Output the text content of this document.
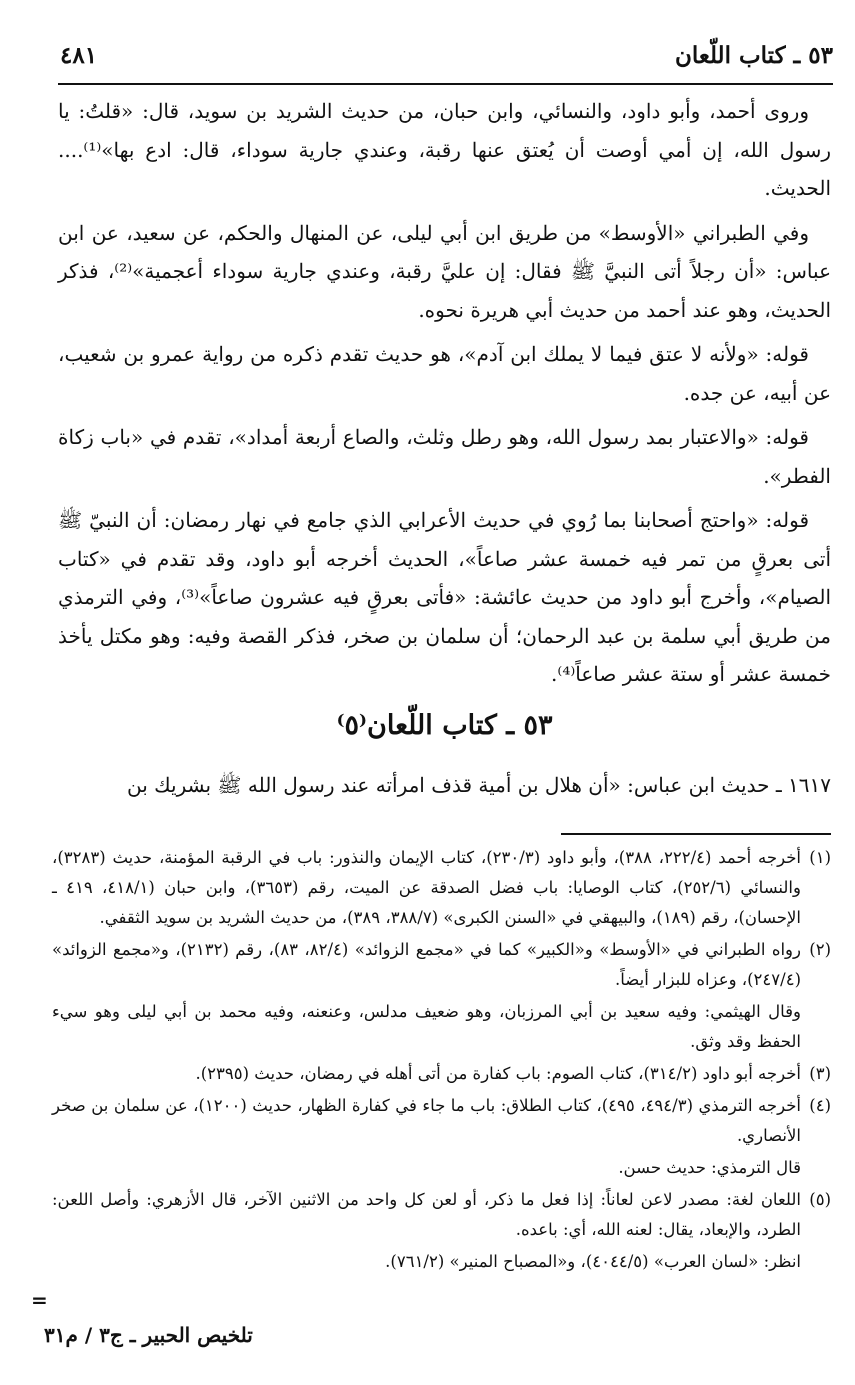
٥٣ ـ كتاب اللّعان
٤٨١

وروى أحمد، وأبو داود، والنسائي، وابن حبان، من حديث الشريد بن سويد، قال: «قلتُ: يا رسول الله، إن أمي أوصت أن يُعتق عنها رقبة، وعندي جارية سوداء، قال: ادع بها»⁽¹⁾.... الحديث.

وفي الطبراني «الأوسط» من طريق ابن أبي ليلى، عن المنهال والحكم، عن سعيد، عن ابن عباس: «أن رجلاً أتى النبيَّ ﷺ فقال: إن عليَّ رقبة، وعندي جارية سوداء أعجمية»⁽²⁾، فذكر الحديث، وهو عند أحمد من حديث أبي هريرة نحوه.

قوله: «ولأنه لا عتق فيما لا يملك ابن آدم»، هو حديث تقدم ذكره من رواية عمرو بن شعيب، عن أبيه، عن جده.

قوله: «والاعتبار بمد رسول الله، وهو رطل وثلث، والصاع أربعة أمداد»، تقدم في «باب زكاة الفطر».

قوله: «واحتج أصحابنا بما رُوي في حديث الأعرابي الذي جامع في نهار رمضان: أن النبيّ ﷺ أتى بعرقٍ من تمر فيه خمسة عشر صاعاً»، الحديث أخرجه أبو داود، وقد تقدم في «كتاب الصيام»، وأخرج أبو داود من حديث عائشة: «فأتى بعرقٍ فيه عشرون صاعاً»⁽³⁾، وفي الترمذي من طريق أبي سلمة بن عبد الرحمان؛ أن سلمان بن صخر، فذكر القصة وفيه: وهو مكتل يأخذ خمسة عشر أو ستة عشر صاعاً⁽⁴⁾.

٥٣ ـ كتاب اللّعان⁽٥⁾

١٦١٧ ـ حديث ابن عباس: «أن هلال بن أمية قذف امرأته عند رسول الله ﷺ بشريك بن

(١)
أخرجه أحمد (٢٢٢/٤، ٣٨٨)، وأبو داود (٢٣٠/٣)، كتاب الإيمان والنذور: باب في الرقبة المؤمنة، حديث (٣٢٨٣)، والنسائي (٢٥٢/٦)، كتاب الوصايا: باب فضل الصدقة عن الميت، رقم (٣٦٥٣)، وابن حبان (٤١٨/١، ٤١٩ ـ الإحسان)، رقم (١٨٩)، والبيهقي في «السنن الكبرى» (٣٨٨/٧، ٣٨٩)، من حديث الشريد بن سويد الثقفي.
(٢)
رواه الطبراني في «الأوسط» و«الكبير» كما في «مجمع الزوائد» (٨٢/٤، ٨٣)، رقم (٢١٣٢)، و«مجمع الزوائد» (٢٤٧/٤)، وعزاه للبزار أيضاً.
وقال الهيثمي: وفيه سعيد بن أبي المرزبان، وهو ضعيف مدلس، وعنعنه، وفيه محمد بن أبي ليلى وهو سيء الحفظ وقد وثق.
(٣)
أخرجه أبو داود (٣١٤/٢)، كتاب الصوم: باب كفارة من أتى أهله في رمضان، حديث (٢٣٩٥).
(٤)
أخرجه الترمذي (٤٩٤/٣، ٤٩٥)، كتاب الطلاق: باب ما جاء في كفارة الظهار، حديث (١٢٠٠)، عن سلمان بن صخر الأنصاري.
قال الترمذي: حديث حسن.
(٥)
اللعان لغة: مصدر لاعن لعاناً: إذا فعل ما ذكر، أو لعن كل واحد من الاثنين الآخر، قال الأزهري: وأصل اللعن: الطرد، والإبعاد، يقال: لعنه الله، أي: باعده.
انظر: «لسان العرب» (٤٠٤٤/٥)، و«المصباح المنير» (٧٦١/٢).
=
تلخيص الحبير ـ ج٣ / م٣١
